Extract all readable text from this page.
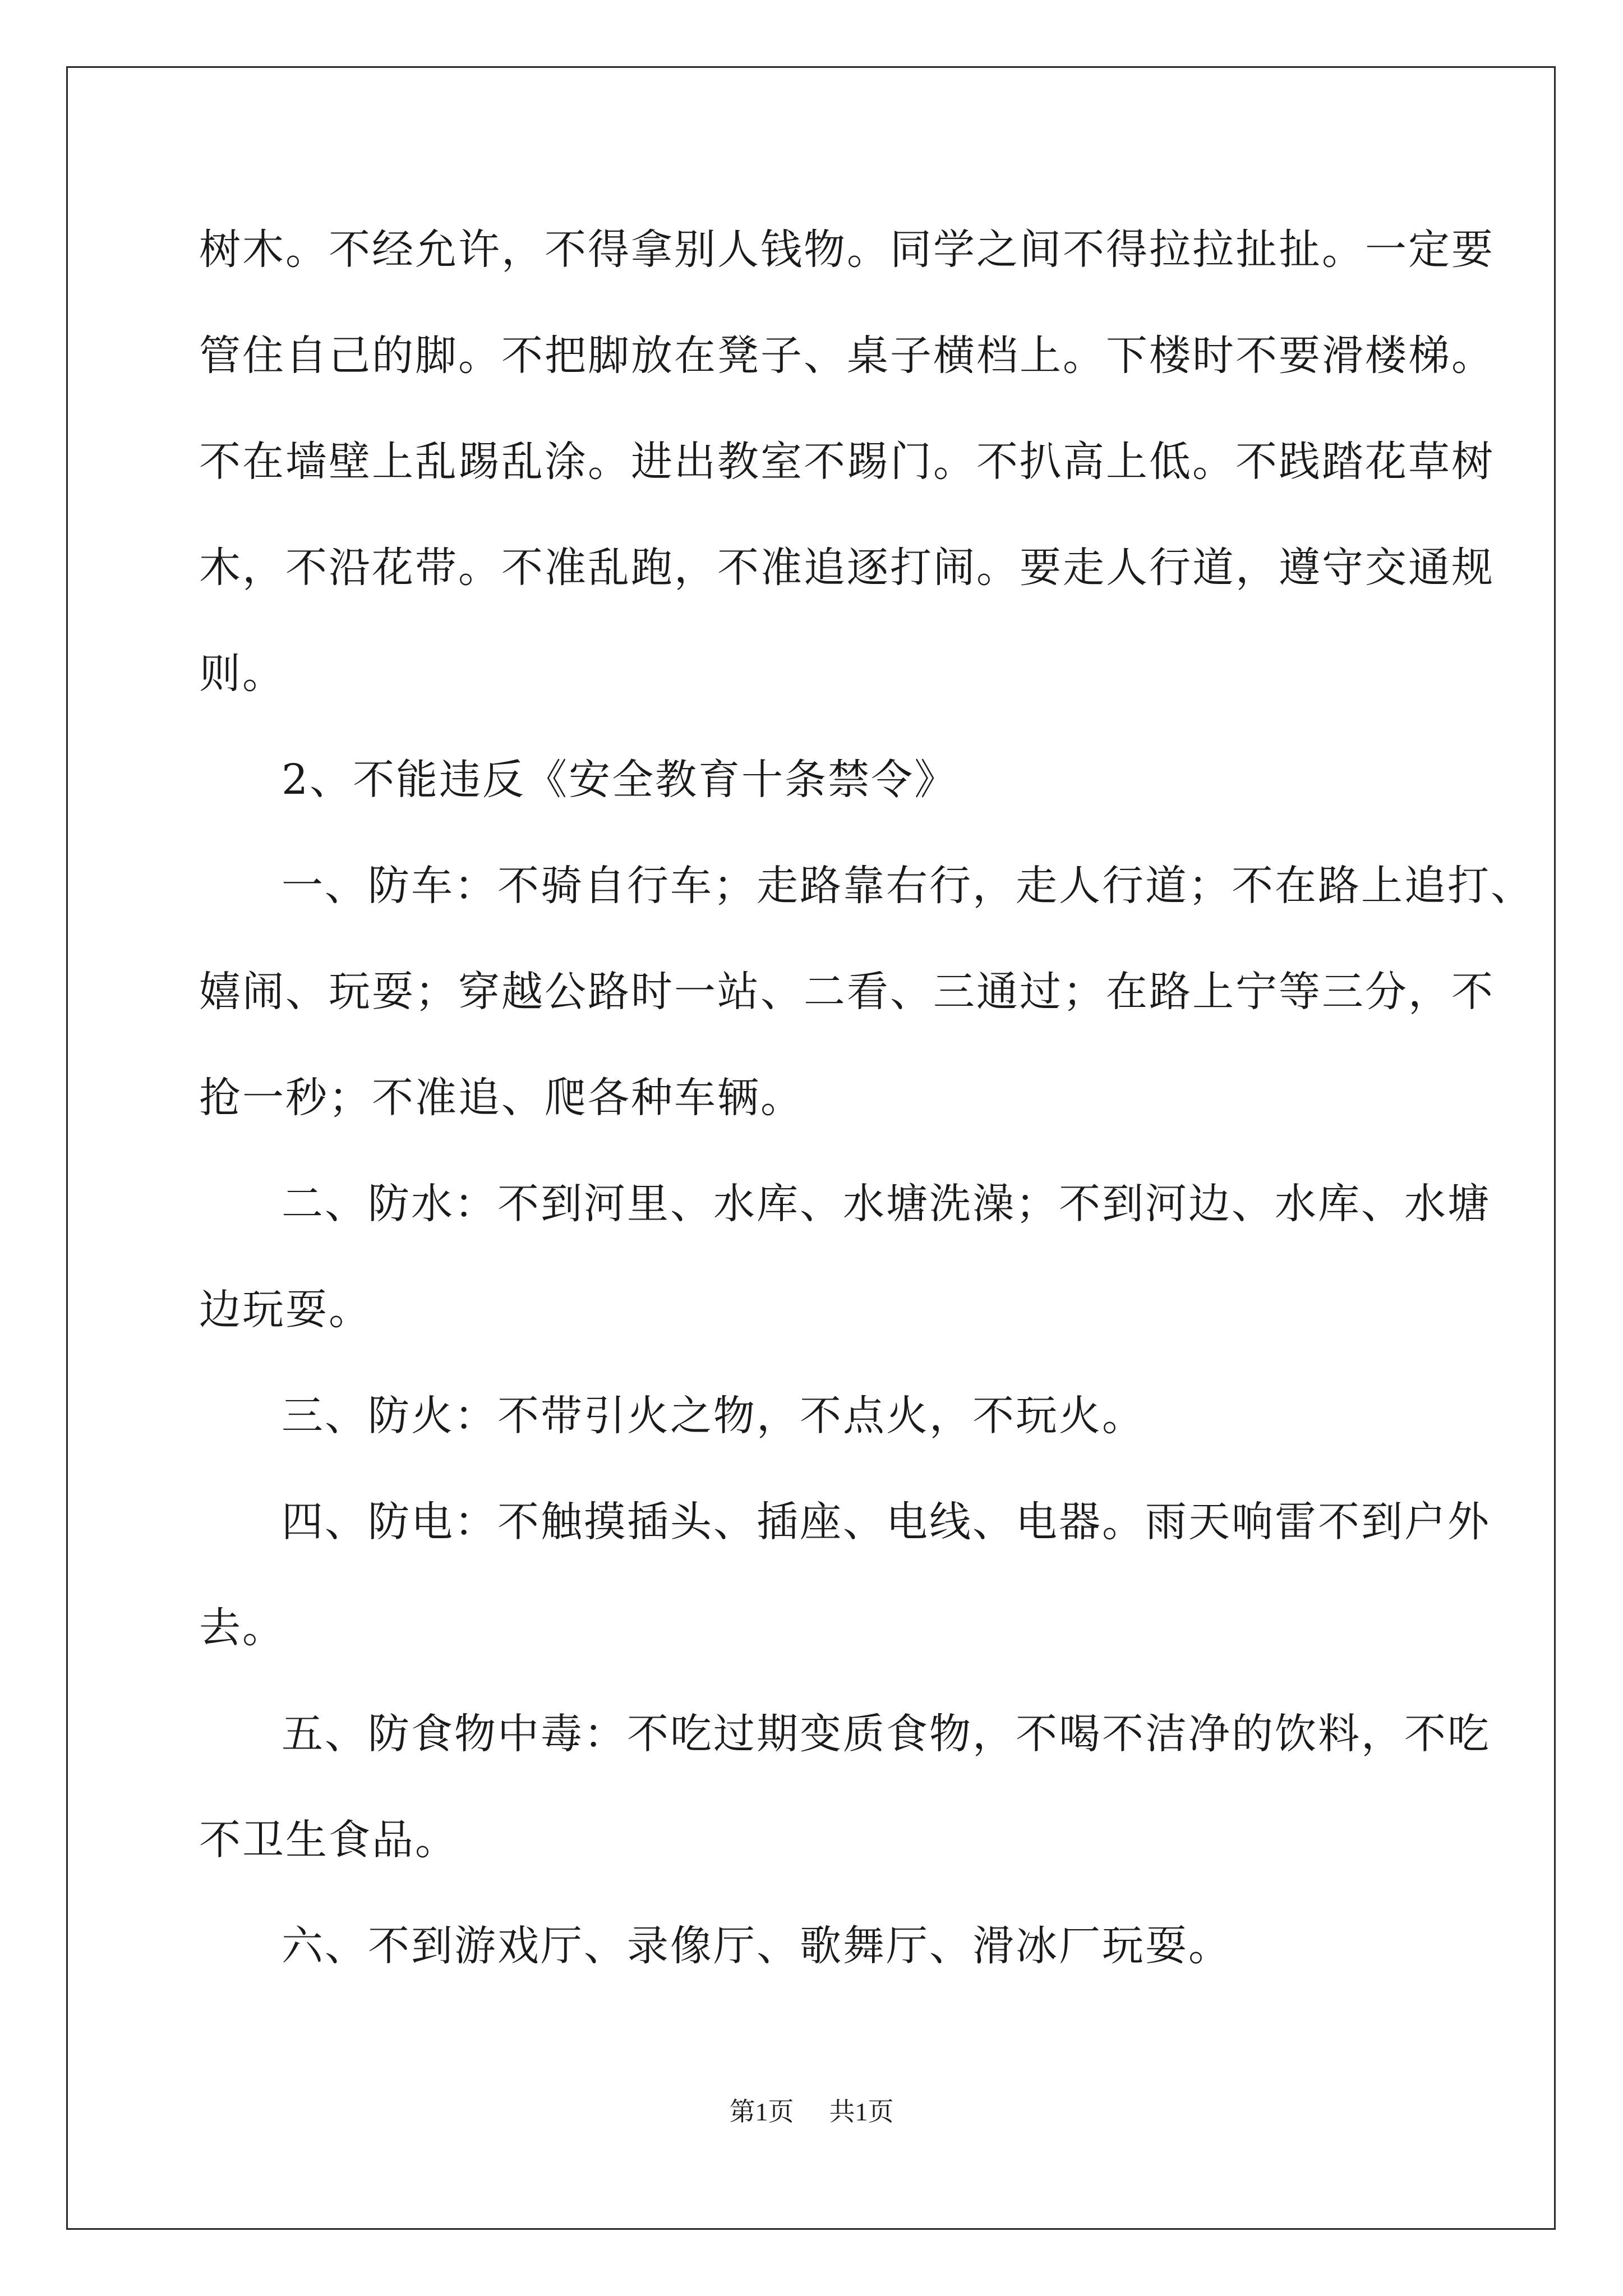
树木。不经允许，不得拿别人钱物。同学之间不得拉拉扯扯。一定要
管住自己的脚。不把脚放在凳子、桌子横档上。下楼时不要滑楼梯。
不在墙壁上乱踢乱涂。进出教室不踢门。不扒高上低。不践踏花草树
木，不沿花带。不准乱跑，不准追逐打闹。要走人行道，遵守交通规
则。
2、不能违反《安全教育十条禁令》
一、防车：不骑自行车；走路靠右行，走人行道；不在路上追打、
嬉闹、玩耍；穿越公路时一站、二看、三通过；在路上宁等三分，不
抢一秒；不准追、爬各种车辆。
二、防水：不到河里、水库、水塘洗澡；不到河边、水库、水塘
边玩耍。
三、防火：不带引火之物，不点火，不玩火。
四、防电：不触摸插头、插座、电线、电器。雨天响雷不到户外
去。
五、防食物中毒：不吃过期变质食物，不喝不洁净的饮料，不吃
不卫生食品。
六、不到游戏厅、录像厅、歌舞厅、滑冰厂玩耍。
第1页 共1页
